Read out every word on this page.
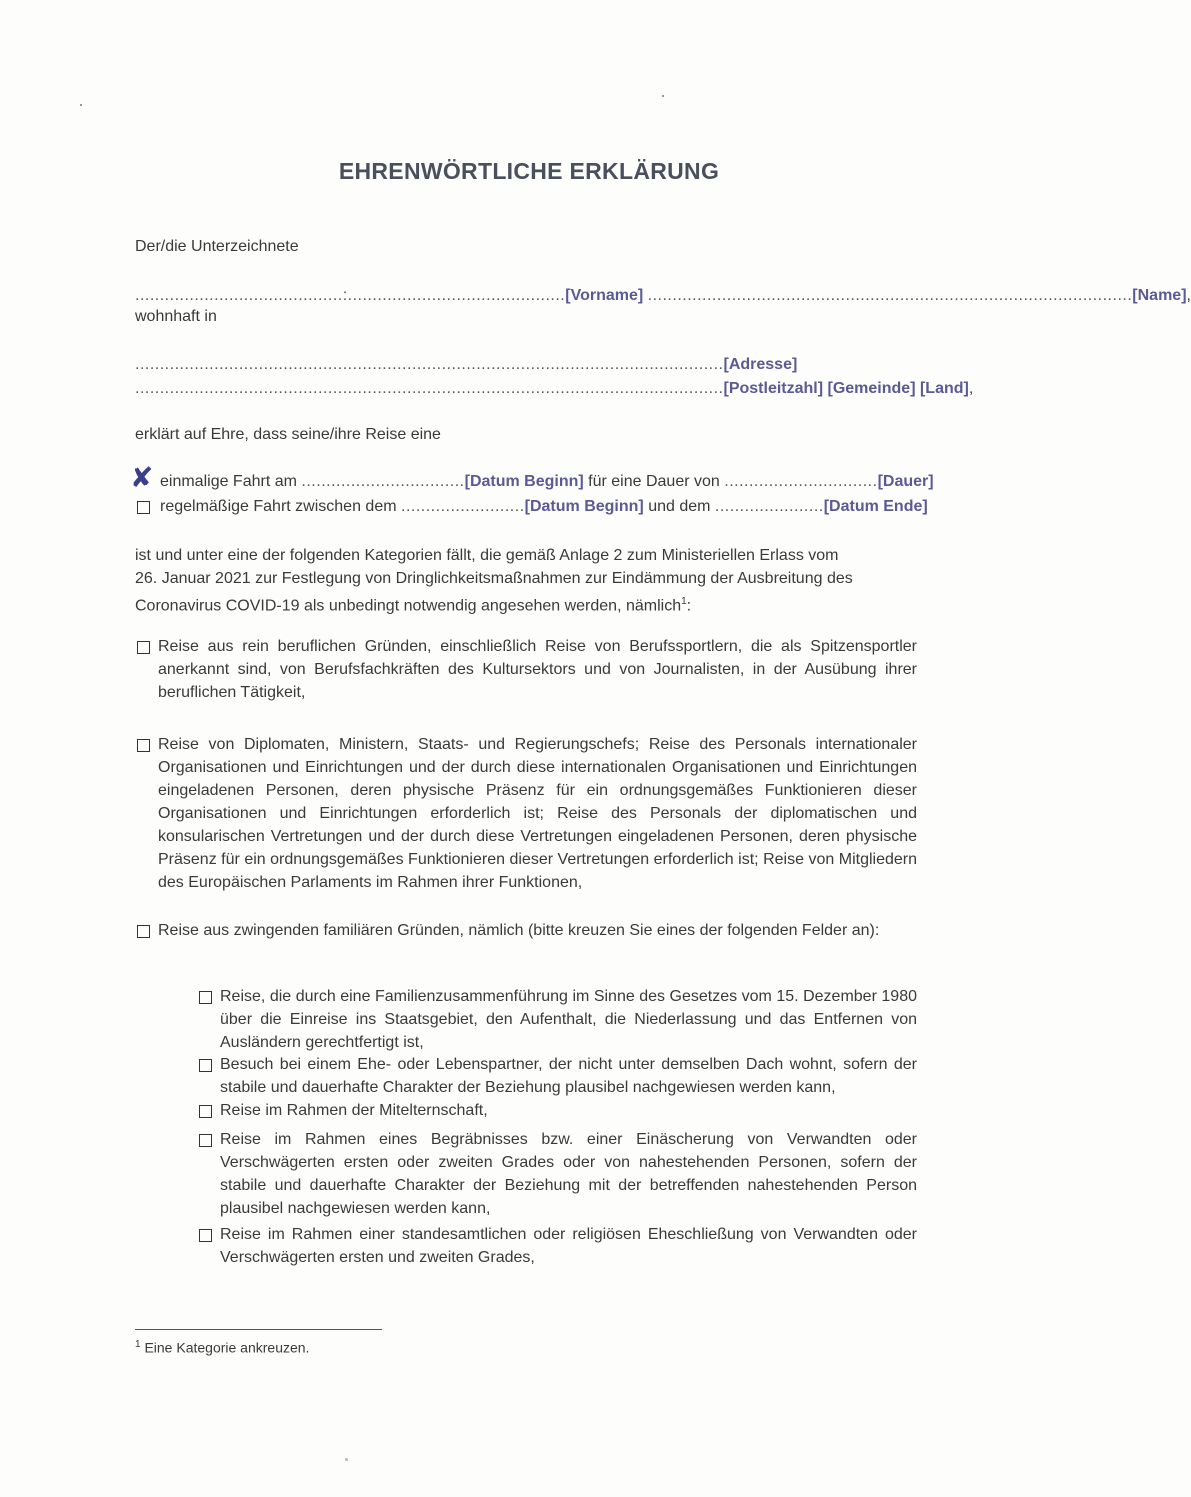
EHRENWÖRTLICHE ERKLÄRUNG
Der/die Unterzeichnete
..........................................:............................................[Vorname] ..................................................................................................[Name],
wohnhaft in
.......................................................................................................................[Adresse]
.......................................................................................................................[Postleitzahl] [Gemeinde] [Land],
erklärt auf Ehre, dass seine/ihre Reise eine
✘ einmalige Fahrt am .................................[Datum Beginn] für eine Dauer von ...............................[Dauer]
regelmäßige Fahrt zwischen dem .........................[Datum Beginn] und dem ......................[Datum Ende]
ist und unter eine der folgenden Kategorien fällt, die gemäß Anlage 2 zum Ministeriellen Erlass vom
26. Januar 2021 zur Festlegung von Dringlichkeitsmaßnahmen zur Eindämmung der Ausbreitung des
Coronavirus COVID-19 als unbedingt notwendig angesehen werden, nämlich$^1$:
Reise aus rein beruflichen Gründen, einschließlich Reise von Berufssportlern, die als Spitzensportler anerkannt sind, von Berufsfachkräften des Kultursektors und von Journalisten, in der Ausübung ihrer beruflichen Tätigkeit,
Reise von Diplomaten, Ministern, Staats- und Regierungschefs; Reise des Personals internationaler Organisationen und Einrichtungen und der durch diese internationalen Organisationen und Einrichtungen eingeladenen Personen, deren physische Präsenz für ein ordnungsgemäßes Funktionieren dieser Organisationen und Einrichtungen erforderlich ist; Reise des Personals der diplomatischen und konsularischen Vertretungen und der durch diese Vertretungen eingeladenen Personen, deren physische Präsenz für ein ordnungsgemäßes Funktionieren dieser Vertretungen erforderlich ist; Reise von Mitgliedern des Europäischen Parlaments im Rahmen ihrer Funktionen,
Reise aus zwingenden familiären Gründen, nämlich (bitte kreuzen Sie eines der folgenden Felder an):
Reise, die durch eine Familienzusammenführung im Sinne des Gesetzes vom 15. Dezember 1980 über die Einreise ins Staatsgebiet, den Aufenthalt, die Niederlassung und das Entfernen von Ausländern gerechtfertigt ist,
Besuch bei einem Ehe- oder Lebenspartner, der nicht unter demselben Dach wohnt, sofern der stabile und dauerhafte Charakter der Beziehung plausibel nachgewiesen werden kann,
Reise im Rahmen der Mitelternschaft,
Reise im Rahmen eines Begräbnisses bzw. einer Einäscherung von Verwandten oder Verschwägerten ersten oder zweiten Grades oder von nahestehenden Personen, sofern der stabile und dauerhafte Charakter der Beziehung mit der betreffenden nahestehenden Person plausibel nachgewiesen werden kann,
Reise im Rahmen einer standesamtlichen oder religiösen Eheschließung von Verwandten oder Verschwägerten ersten und zweiten Grades,
$^1$ Eine Kategorie ankreuzen.
